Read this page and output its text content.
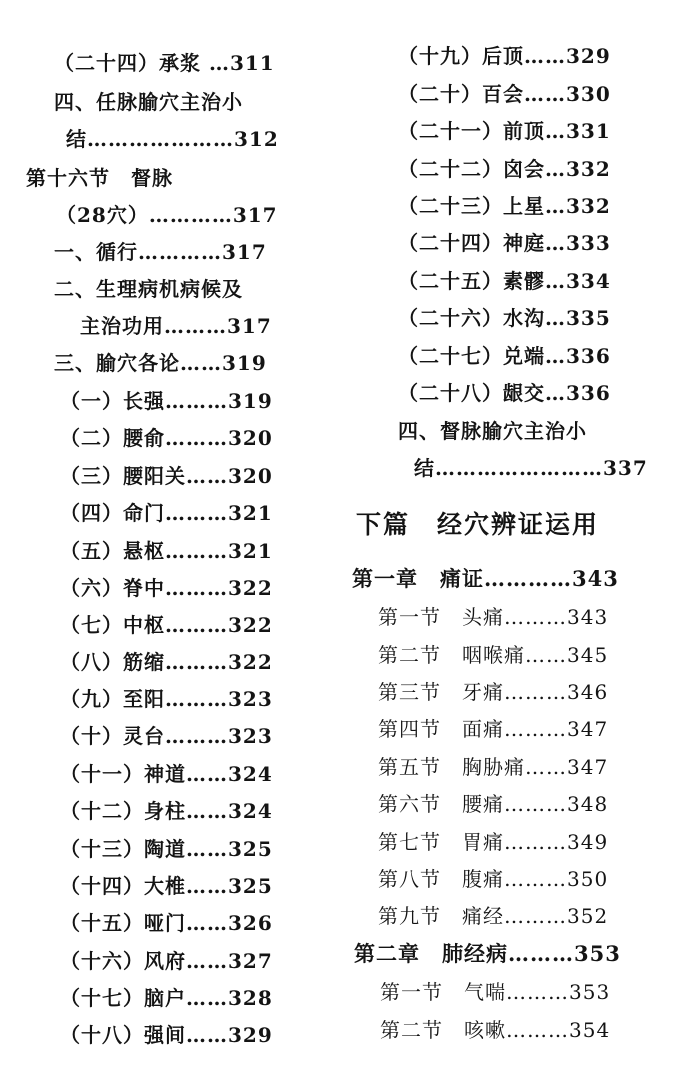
（二十四）承浆 …311
四、任脉腧穴主治小
结…………………312
第十六节　督脉
（28穴）…………317
一、循行…………317
二、生理病机病候及
主治功用………317
三、腧穴各论……319
（一）长强………319
（二）腰俞………320
（三）腰阳关……320
（四）命门………321
（五）悬枢………321
（六）脊中………322
（七）中枢………322
（八）筋缩………322
（九）至阳………323
（十）灵台………323
（十一）神道……324
（十二）身柱……324
（十三）陶道……325
（十四）大椎……325
（十五）哑门……326
（十六）风府……327
（十七）脑户……328
（十八）强间……329
（十九）后顶……329
（二十）百会……330
（二十一）前顶…331
（二十二）囟会…332
（二十三）上星…332
（二十四）神庭…333
（二十五）素髎…334
（二十六）水沟…335
（二十七）兑端…336
（二十八）龈交…336
四、督脉腧穴主治小
结……………………337
下篇　经穴辨证运用
第一章　痛证…………343
第一节　头痛………343
第二节　咽喉痛……345
第三节　牙痛………346
第四节　面痛………347
第五节　胸胁痛……347
第六节　腰痛………348
第七节　胃痛………349
第八节　腹痛………350
第九节　痛经………352
第二章　肺经病………353
第一节　气喘………353
第二节　咳嗽………354
